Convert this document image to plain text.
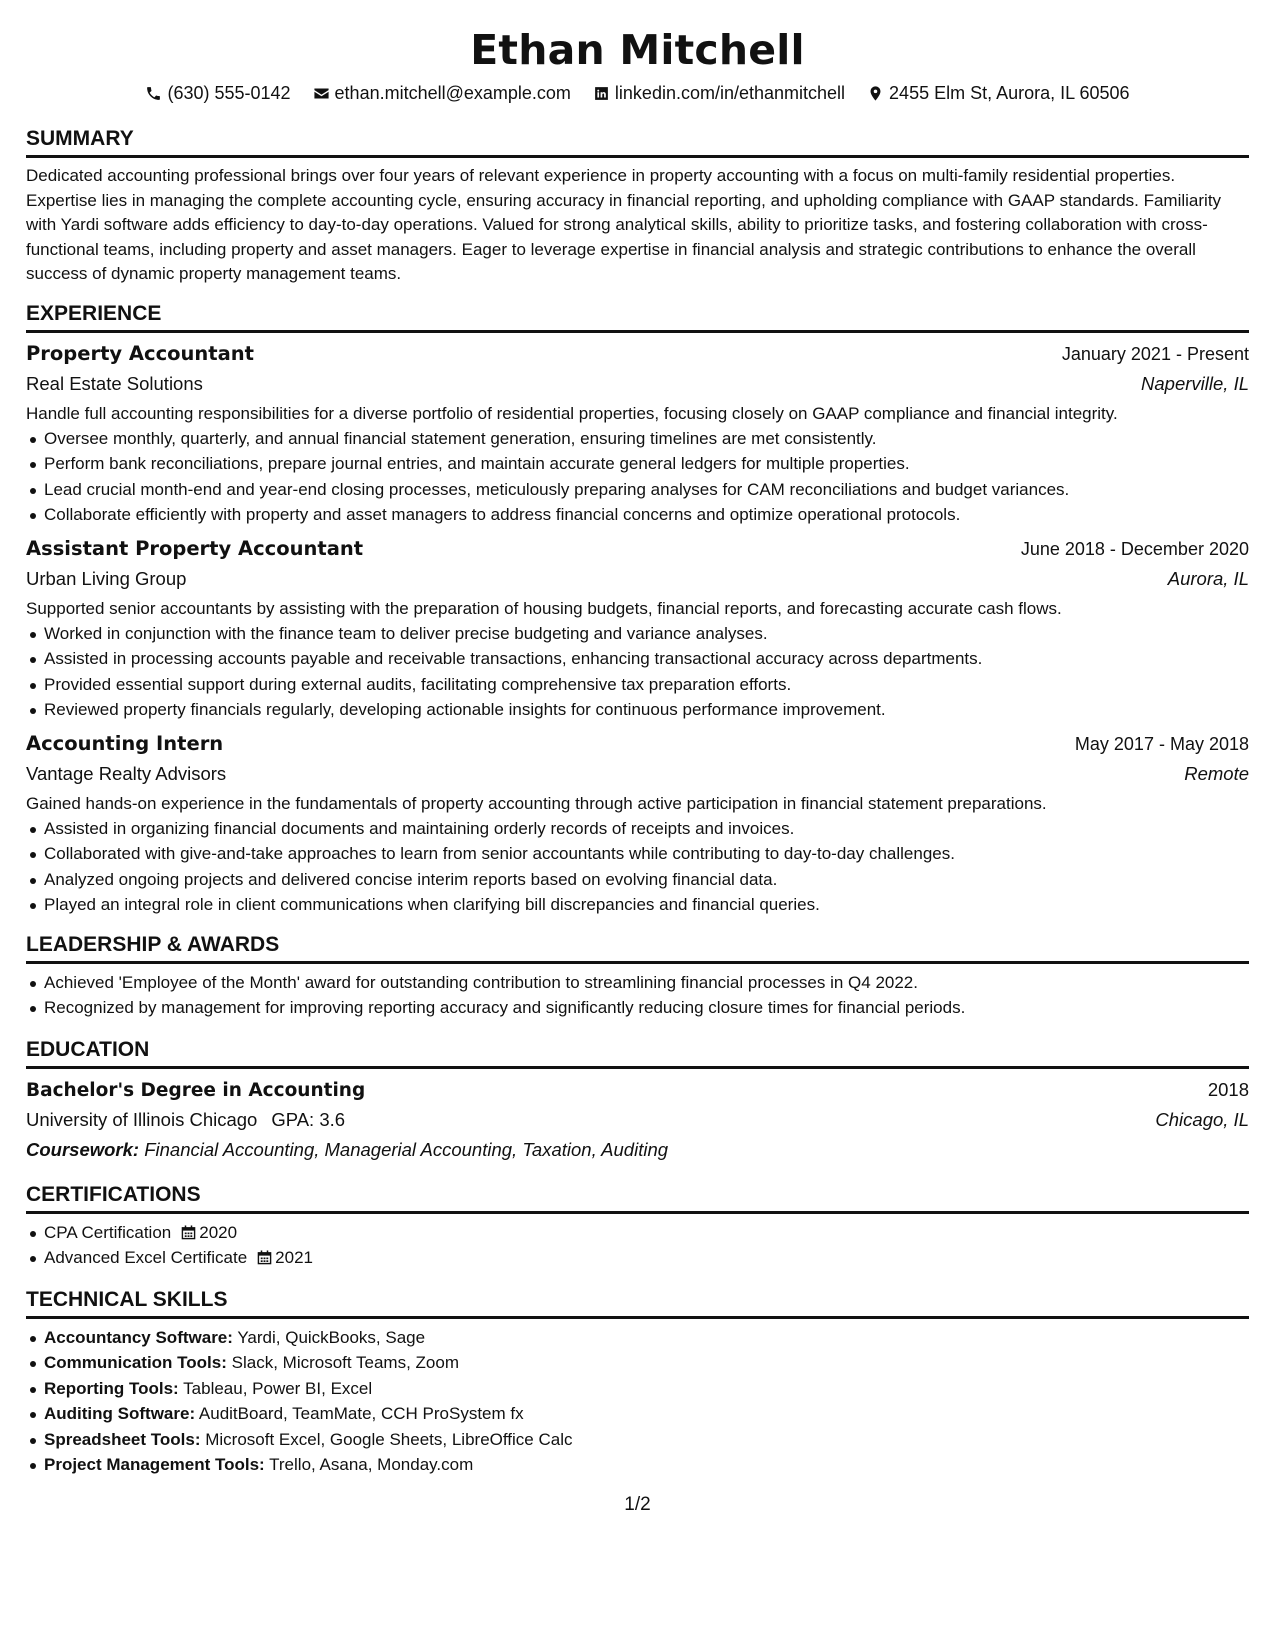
Ethan Mitchell
(630) 555-0142 ethan.mitchell@example.com linkedin.com/in/ethanmitchell 2455 Elm St, Aurora, IL 60506
SUMMARY

Dedicated accounting professional brings over four years of relevant experience in property accounting with a focus on multi-family residential properties. Expertise lies in managing the complete accounting cycle, ensuring accuracy in financial reporting, and upholding compliance with GAAP standards. Familiarity with Yardi software adds efficiency to day-to-day operations. Valued for strong analytical skills, ability to prioritize tasks, and fostering collaboration with cross-functional teams, including property and asset managers. Eager to leverage expertise in financial analysis and strategic contributions to enhance the overall success of dynamic property management teams.

EXPERIENCE
Property Accountant	January 2021 - Present
Real Estate Solutions	Naperville, IL
Handle full accounting responsibilities for a diverse portfolio of residential properties, focusing closely on GAAP compliance and financial integrity.
Oversee monthly, quarterly, and annual financial statement generation, ensuring timelines are met consistently.
Perform bank reconciliations, prepare journal entries, and maintain accurate general ledgers for multiple properties.
Lead crucial month-end and year-end closing processes, meticulously preparing analyses for CAM reconciliations and budget variances.
Collaborate efficiently with property and asset managers to address financial concerns and optimize operational protocols.
Assistant Property Accountant	June 2018 - December 2020
Urban Living Group	Aurora, IL
Supported senior accountants by assisting with the preparation of housing budgets, financial reports, and forecasting accurate cash flows.
Worked in conjunction with the finance team to deliver precise budgeting and variance analyses.
Assisted in processing accounts payable and receivable transactions, enhancing transactional accuracy across departments.
Provided essential support during external audits, facilitating comprehensive tax preparation efforts.
Reviewed property financials regularly, developing actionable insights for continuous performance improvement.
Accounting Intern	May 2017 - May 2018
Vantage Realty Advisors	Remote
Gained hands-on experience in the fundamentals of property accounting through active participation in financial statement preparations.
Assisted in organizing financial documents and maintaining orderly records of receipts and invoices.
Collaborated with give-and-take approaches to learn from senior accountants while contributing to day-to-day challenges.
Analyzed ongoing projects and delivered concise interim reports based on evolving financial data.
Played an integral role in client communications when clarifying bill discrepancies and financial queries.
LEADERSHIP & AWARDS
Achieved 'Employee of the Month' award for outstanding contribution to streamlining financial processes in Q4 2022.
Recognized by management for improving reporting accuracy and significantly reducing closure times for financial periods.
EDUCATION
Bachelor's Degree in Accounting	2018
University of Illinois Chicago GPA: 3.6	Chicago, IL
Coursework: Financial Accounting, Managerial Accounting, Taxation, Auditing
CERTIFICATIONS
CPA Certification 2020
Advanced Excel Certificate 2021
TECHNICAL SKILLS
Accountancy Software: Yardi, QuickBooks, Sage
Communication Tools: Slack, Microsoft Teams, Zoom
Reporting Tools: Tableau, Power BI, Excel
Auditing Software: AuditBoard, TeamMate, CCH ProSystem fx
Spreadsheet Tools: Microsoft Excel, Google Sheets, LibreOffice Calc
Project Management Tools: Trello, Asana, Monday.com
1/2
